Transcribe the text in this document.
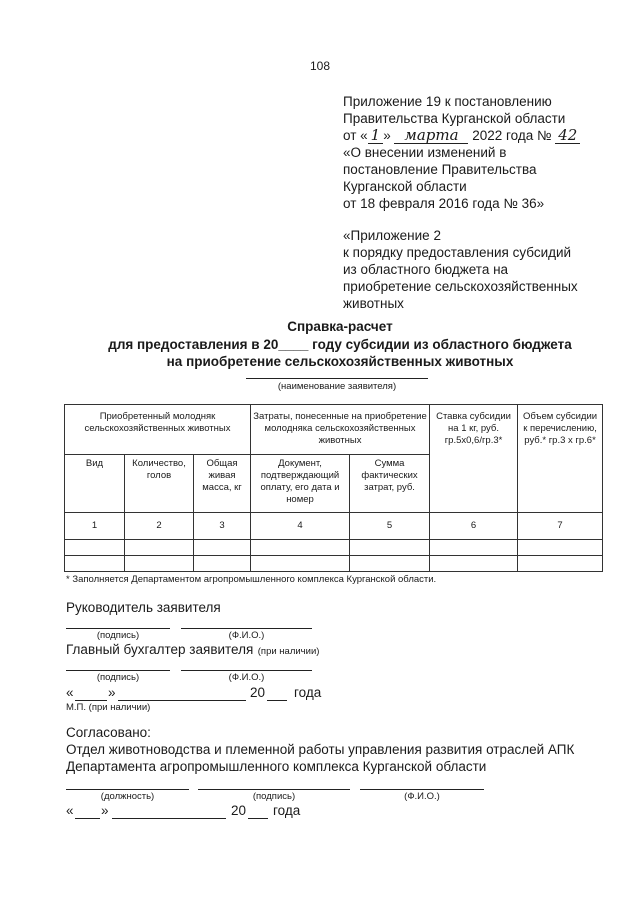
108
Приложение 19 к постановлению
Правительства Курганской области
от « 1 » марта 2022 года № 42
«О внесении изменений в
постановление Правительства
Курганской области
от 18 февраля 2016 года № 36»
«Приложение 2
к порядку предоставления субсидий
из областного бюджета на
приобретение сельскохозяйственных
животных
Справка-расчет
для предоставления в 20____ году субсидии из областного бюджета
на приобретение сельскохозяйственных животных
(наименование заявителя)
Приобретенный молодняк сельскохозяйственных животных			Затраты, понесенные на приобретение молодняка сельскохозяйственных животных		Ставка субсидии на 1 кг, руб. гр.5х0,6/гр.3*	Объем субсидии к перечислению, руб.* гр.3 х гр.6*
Вид	Количество, голов	Общая живая масса, кг	Документ, подтверждающий оплату, его дата и номер	Сумма фактических затрат, руб.		
1	2	3	4	5	6	7

* Заполняется Департаментом агропромышленного комплекса Курганской области.
Руководитель заявителя
(подпись)	(Ф.И.О.)
Главный бухгалтер заявителя (при наличии)
(подпись)	(Ф.И.О.)
«	»	20 года
М.П. (при наличии)
Согласовано:
Отдел животноводства и племенной работы управления развития отраслей АПК
Департамента агропромышленного комплекса Курганской области
(должность)	(подпись)	(Ф.И.О.)
« »	20 года
